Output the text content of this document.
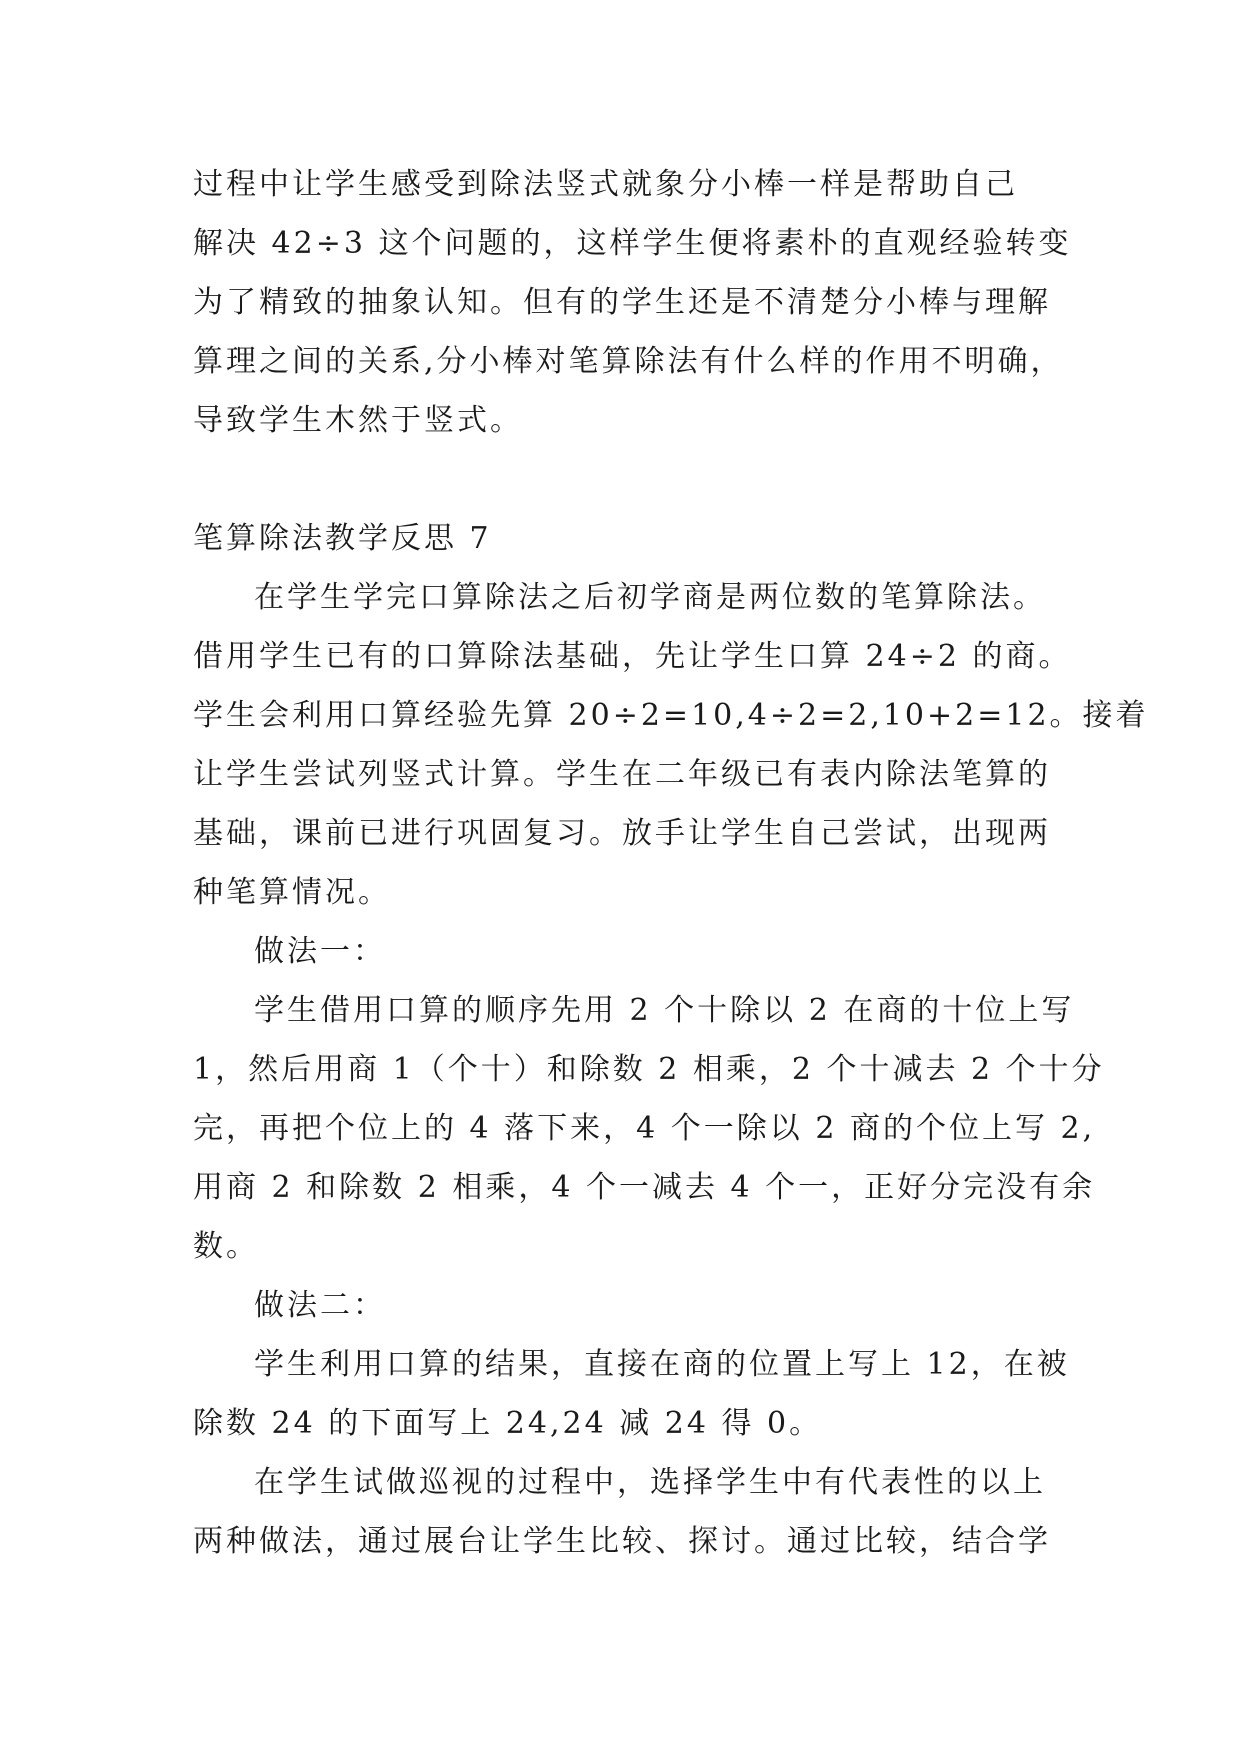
过程中让学生感受到除法竖式就象分小棒一样是帮助自己
解决 42÷3 这个问题的，这样学生便将素朴的直观经验转变
为了精致的抽象认知。但有的学生还是不清楚分小棒与理解
算理之间的关系,分小棒对笔算除法有什么样的作用不明确，
导致学生木然于竖式。
笔算除法教学反思 7
在学生学完口算除法之后初学商是两位数的笔算除法。
借用学生已有的口算除法基础，先让学生口算 24÷2 的商。
学生会利用口算经验先算 20÷2=10,4÷2=2,10+2=12。接着
让学生尝试列竖式计算。学生在二年级已有表内除法笔算的
基础，课前已进行巩固复习。放手让学生自己尝试，出现两
种笔算情况。
做法一：
学生借用口算的顺序先用 2 个十除以 2 在商的十位上写
1，然后用商 1（个十）和除数 2 相乘，2 个十减去 2 个十分
完，再把个位上的 4 落下来，4 个一除以 2 商的个位上写 2,
用商 2 和除数 2 相乘，4 个一减去 4 个一，正好分完没有余
数。
做法二：
学生利用口算的结果，直接在商的位置上写上 12，在被
除数 24 的下面写上 24,24 减 24 得 0。
在学生试做巡视的过程中，选择学生中有代表性的以上
两种做法，通过展台让学生比较、探讨。通过比较，结合学
